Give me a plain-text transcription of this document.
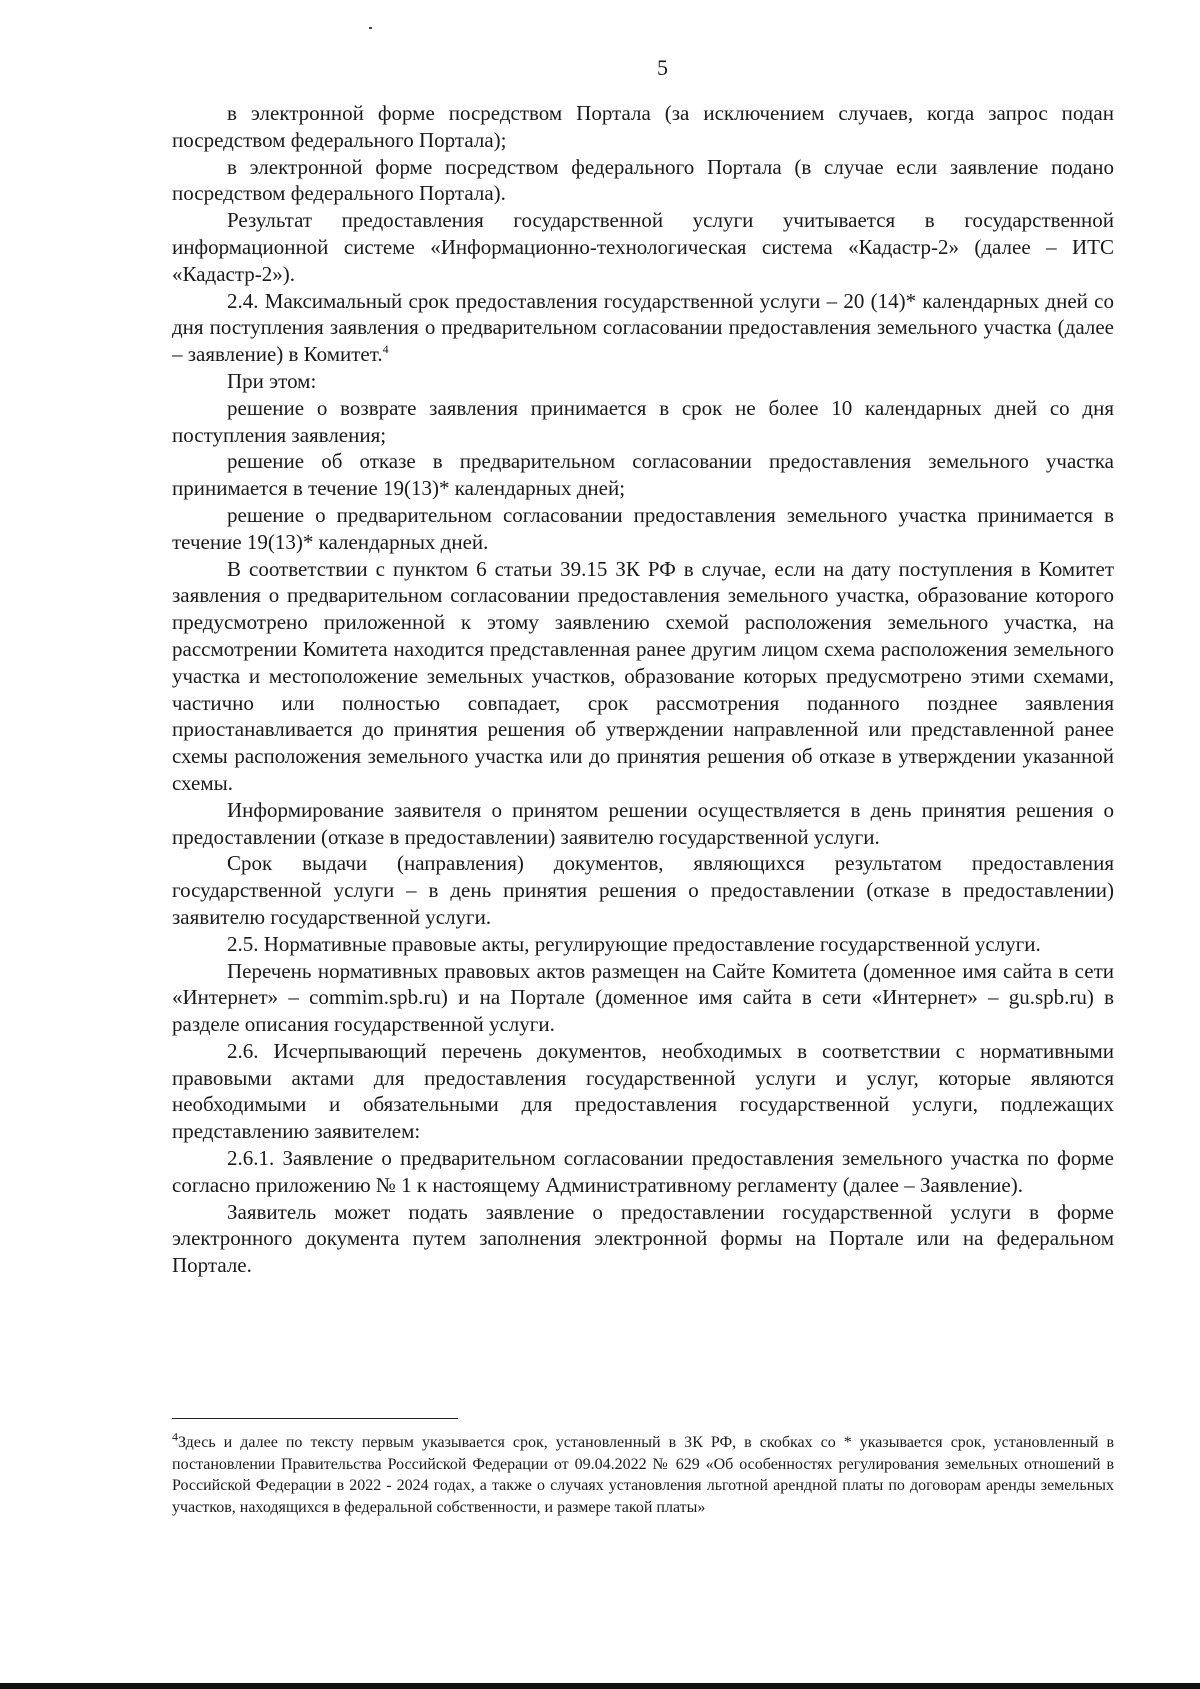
5

в электронной форме посредством Портала (за исключением случаев, когда запрос подан посредством федерального Портала);

в электронной форме посредством федерального Портала (в случае если заявление подано посредством федерального Портала).

Результат предоставления государственной услуги учитывается в государственной информационной системе «Информационно-технологическая система «Кадастр-2» (далее – ИТС «Кадастр-2»).

2.4. Максимальный срок предоставления государственной услуги – 20 (14)* календарных дней со дня поступления заявления о предварительном согласовании предоставления земельного участка (далее – заявление) в Комитет.$^4$

При этом:

решение о возврате заявления принимается в срок не более 10 календарных дней со дня поступления заявления;

решение об отказе в предварительном согласовании предоставления земельного участка принимается в течение 19(13)* календарных дней;

решение о предварительном согласовании предоставления земельного участка принимается в течение 19(13)* календарных дней.

В соответствии с пунктом 6 статьи 39.15 ЗК РФ в случае, если на дату поступления в Комитет заявления о предварительном согласовании предоставления земельного участка, образование которого предусмотрено приложенной к этому заявлению схемой расположения земельного участка, на рассмотрении Комитета находится представленная ранее другим лицом схема расположения земельного участка и местоположение земельных участков, образование которых предусмотрено этими схемами, частично или полностью совпадает, срок рассмотрения поданного позднее заявления приостанавливается до принятия решения об утверждении направленной или представленной ранее схемы расположения земельного участка или до принятия решения об отказе в утверждении указанной схемы.

Информирование заявителя о принятом решении осуществляется в день принятия решения о предоставлении (отказе в предоставлении) заявителю государственной услуги.

Срок выдачи (направления) документов, являющихся результатом предоставления государственной услуги – в день принятия решения о предоставлении (отказе в предоставлении) заявителю государственной услуги.

2.5. Нормативные правовые акты, регулирующие предоставление государственной услуги.

Перечень нормативных правовых актов размещен на Сайте Комитета (доменное имя сайта в сети «Интернет» – commim.spb.ru) и на Портале (доменное имя сайта в сети «Интернет» – gu.spb.ru) в разделе описания государственной услуги.

2.6. Исчерпывающий перечень документов, необходимых в соответствии с нормативными правовыми актами для предоставления государственной услуги и услуг, которые являются необходимыми и обязательными для предоставления государственной услуги, подлежащих представлению заявителем:

2.6.1. Заявление о предварительном согласовании предоставления земельного участка по форме согласно приложению № 1 к настоящему Административному регламенту (далее – Заявление).

Заявитель может подать заявление о предоставлении государственной услуги в форме электронного документа путем заполнения электронной формы на Портале или на федеральном Портале.

$^4$Здесь и далее по тексту первым указывается срок, установленный в ЗК РФ, в скобках со * указывается срок, установленный в постановлении Правительства Российской Федерации от 09.04.2022 № 629 «Об особенностях регулирования земельных отношений в Российской Федерации в 2022 - 2024 годах, а также о случаях установления льготной арендной платы по договорам аренды земельных участков, находящихся в федеральной собственности, и размере такой платы»
